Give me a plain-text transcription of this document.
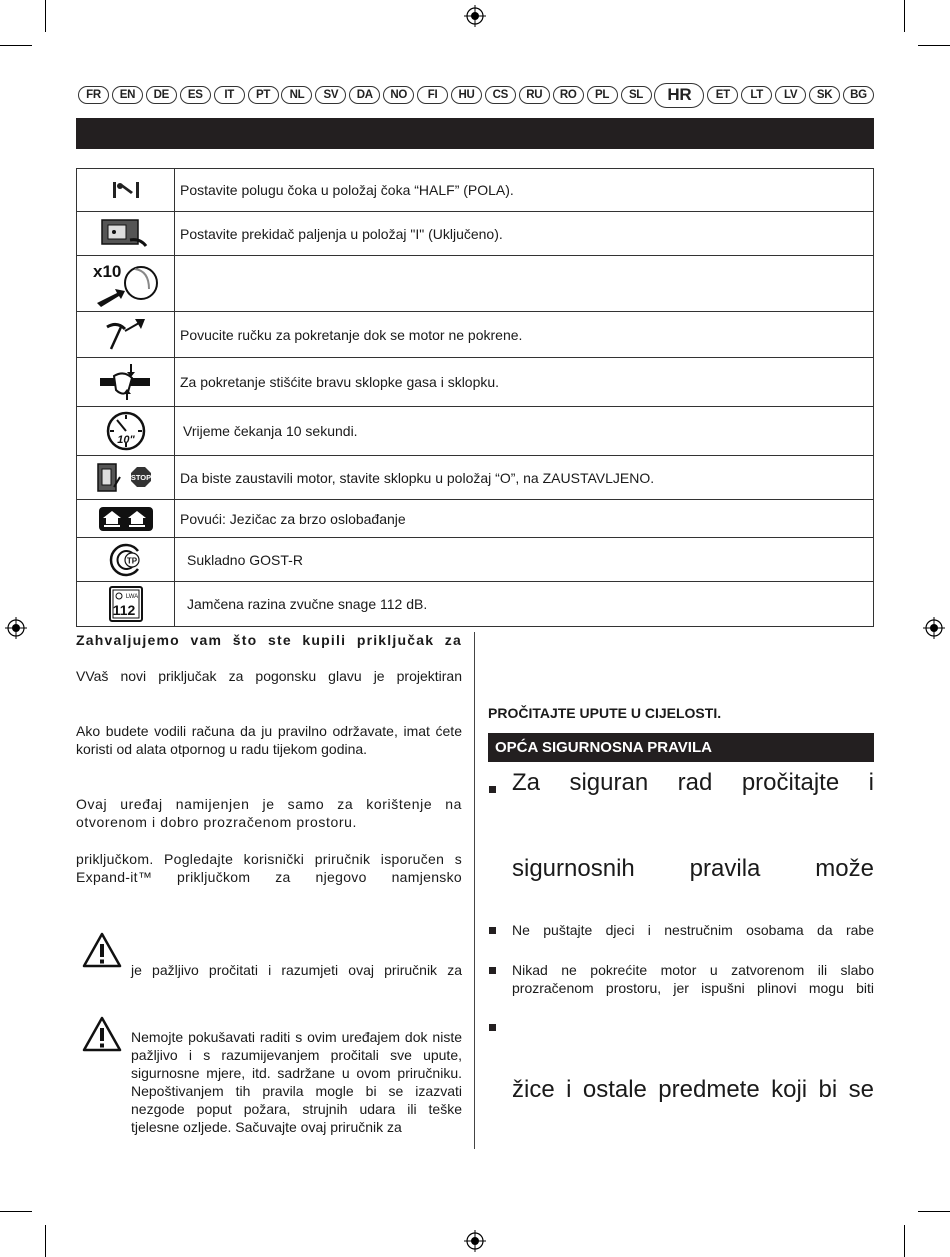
FR	EN	DE	ES	IT	PT	NL	SV	DA	NO	FI	HU	CS	RU	RO	PL	SL	HR	ET	LT	LV	SK	BG
	Postavite polugu čoka u položaj čoka “HALF” (POLA).

	Postavite prekidač paljenja u položaj "I" (Uključeno).

x10	

	Povucite ručku za pokretanje dok se motor ne pokrene.

	Za pokretanje stišćite bravu sklopke gasa i sklopku.

10"	Vrijeme čekanja 10 sekundi.

STOP	Da biste zaustavili motor, stavite sklopku u položaj “O”, na ZAUSTAVLJENO.

	Povući: Jezičac za brzo oslobađanje

TP	Sukladno GOST-R

LWA
112	Jamčena razina zvučne snage 112 dB.
Zahvaljujemo vam što ste kupili priključak za
VVaš novi priključak za pogonsku glavu je projektiran
Ako budete vodili računa da ju pravilno održavate, imat ćete koristi od alata otpornog u radu tijekom godina.
Ovaj uređaj namijenjen je samo za korištenje na otvorenom i dobro prozračenom prostoru.
priključkom. Pogledajte korisnički priručnik isporučen s Expand-it™ priključkom za njegovo namjensko
je pažljivo pročitati i razumjeti ovaj priručnik za
Nemojte pokušavati raditi s ovim uređajem dok niste pažljivo i s razumijevanjem pročitali sve upute, sigurnosne mjere, itd. sadržane u ovom priručniku. Nepoštivanjem tih pravila mogle bi se izazvati nezgode poput požara, strujnih udara ili teške tjelesne ozljede. Sačuvajte ovaj priručnik za
PROČITAJTE UPUTE U CIJELOSTI.
OPĆA SIGURNOSNA PRAVILA
Za siguran rad pročitajte i
sigurnosnih pravila može
Ne puštajte djeci i nestručnim osobama da rabe
Nikad ne pokrećite motor u zatvorenom ili slabo prozračenom prostoru, jer ispušni plinovi mogu biti
žice i ostale predmete koji bi se
